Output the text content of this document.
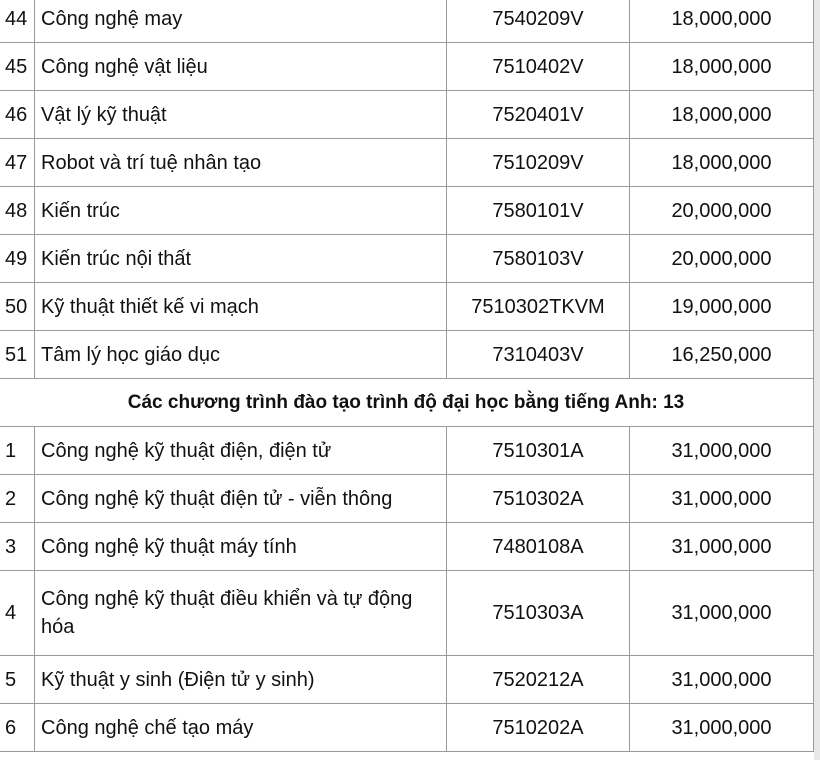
44	Công nghệ may	7540209V	18,000,000
45	Công nghệ vật liệu	7510402V	18,000,000
46	Vật lý kỹ thuật	7520401V	18,000,000
47	Robot và trí tuệ nhân tạo	7510209V	18,000,000
48	Kiến trúc	7580101V	20,000,000
49	Kiến trúc nội thất	7580103V	20,000,000
50	Kỹ thuật thiết kế vi mạch	7510302TKVM	19,000,000
51	Tâm lý học giáo dục	7310403V	16,250,000
Các chương trình đào tạo trình độ đại học bằng tiếng Anh: 13			
1	Công nghệ kỹ thuật điện, điện tử	7510301A	31,000,000
2	Công nghệ kỹ thuật điện tử - viễn thông	7510302A	31,000,000
3	Công nghệ kỹ thuật máy tính	7480108A	31,000,000
4	Công nghệ kỹ thuật điều khiển và tự động hóa	7510303A	31,000,000
5	Kỹ thuật y sinh (Điện tử y sinh)	7520212A	31,000,000
6	Công nghệ chế tạo máy	7510202A	31,000,000
